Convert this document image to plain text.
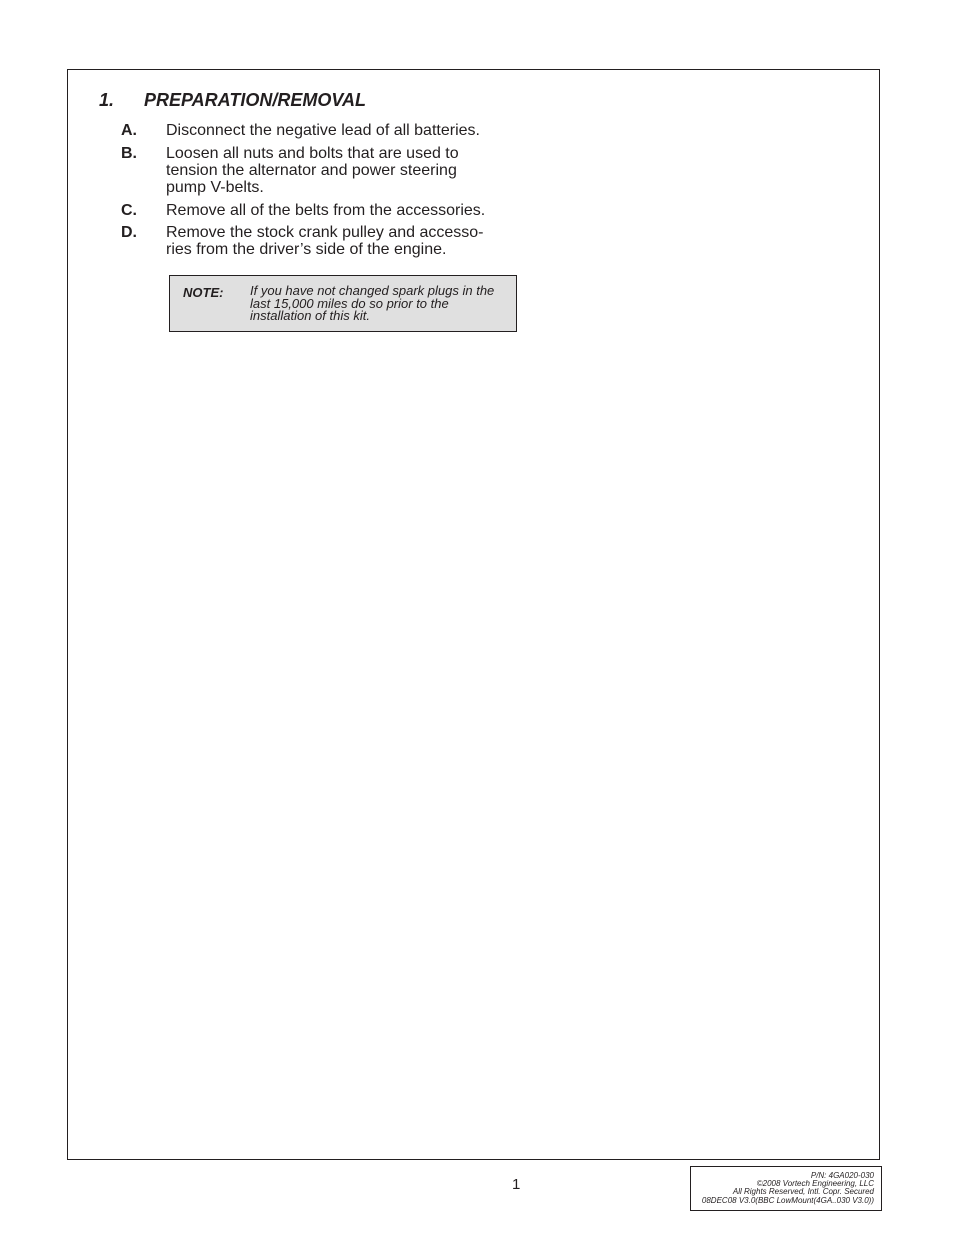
1. PREPARATION/REMOVAL
A. Disconnect the negative lead of all batteries.
B. Loosen all nuts and bolts that are used to
tension the alternator and power steering
pump V-belts.
C. Remove all of the belts from the accessories.
D. Remove the stock crank pulley and accesso-
ries from the driver’s side of the engine.
NOTE: If you have not changed spark plugs in the last 15,000 miles do so prior to the installation of this kit.
1
P/N: 4GA020-030
©2008 Vortech Engineering, LLC
All Rights Reserved, Intl. Copr. Secured
08DEC08 V3.0(BBC LowMount(4GA..030 V3.0))
